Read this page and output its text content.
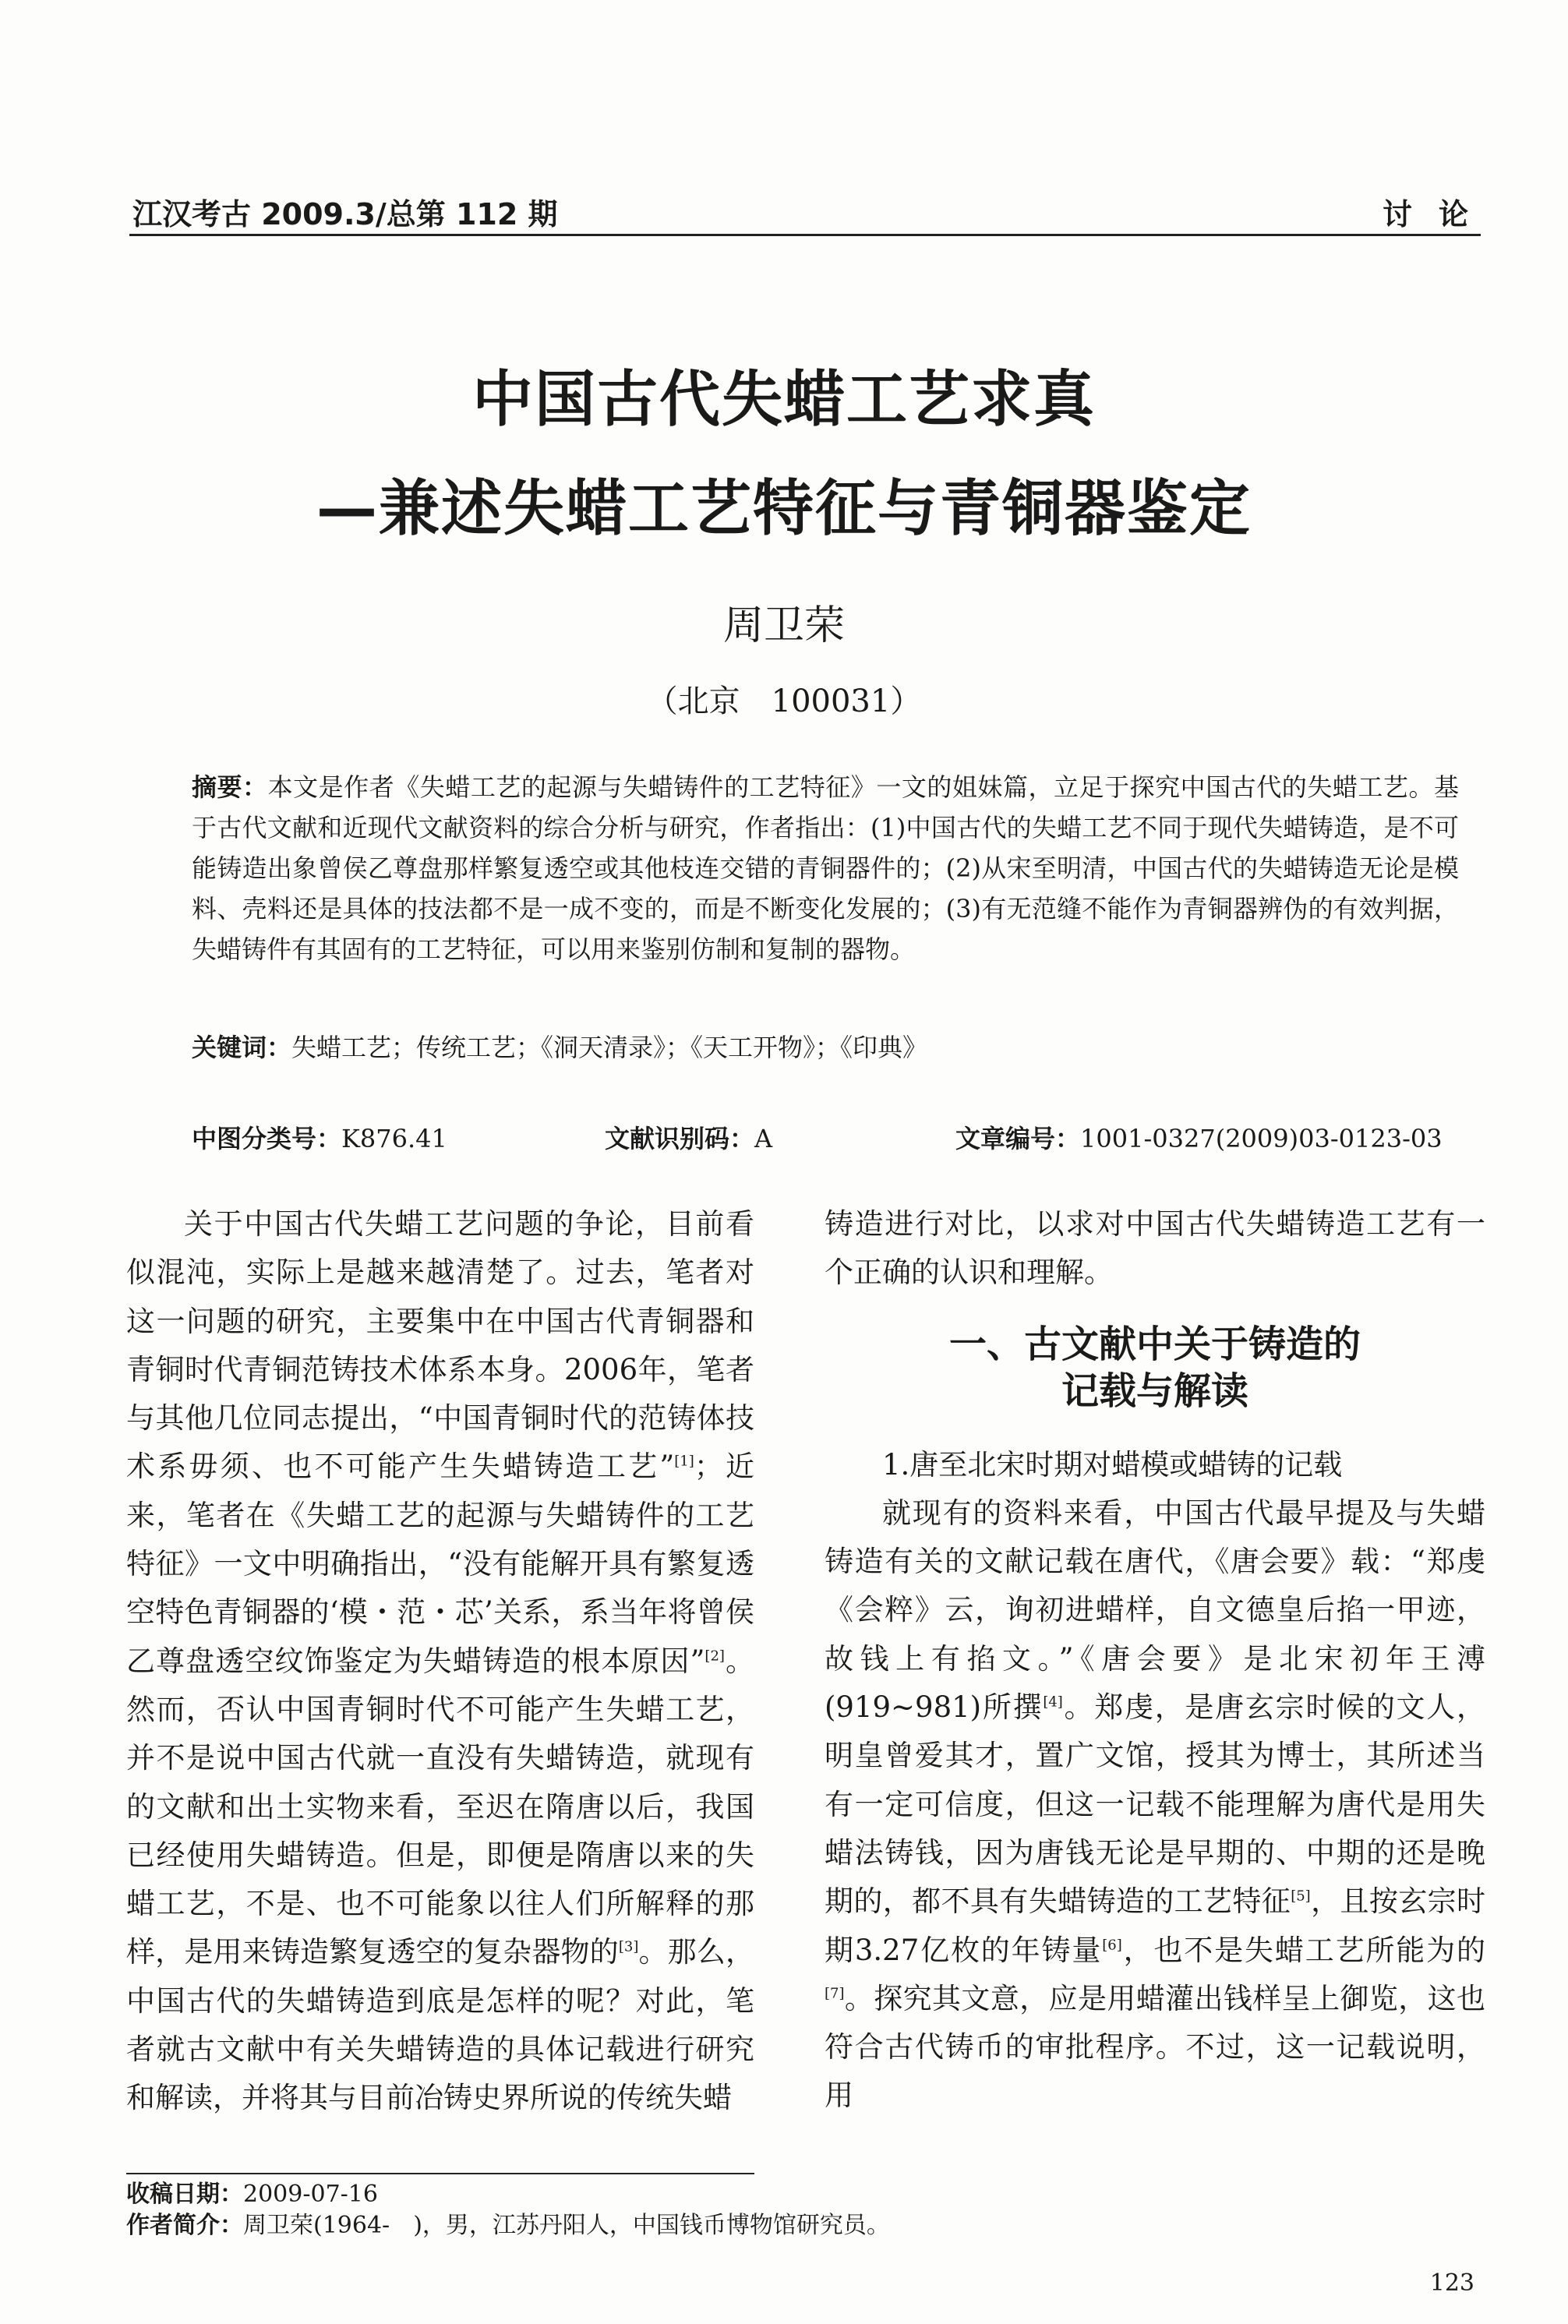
江汉考古 2009.3/总第 112 期	讨论
中国古代失蜡工艺求真
—兼述失蜡工艺特征与青铜器鉴定
周卫荣
（北京　100031）
摘要：本文是作者《失蜡工艺的起源与失蜡铸件的工艺特征》一文的姐妹篇，立足于探究中国古代的失蜡工艺。基于古代文献和近现代文献资料的综合分析与研究，作者指出：(1)中国古代的失蜡工艺不同于现代失蜡铸造，是不可能铸造出象曾侯乙尊盘那样繁复透空或其他枝连交错的青铜器件的；(2)从宋至明清，中国古代的失蜡铸造无论是模料、壳料还是具体的技法都不是一成不变的，而是不断变化发展的；(3)有无范缝不能作为青铜器辨伪的有效判据，失蜡铸件有其固有的工艺特征，可以用来鉴别仿制和复制的器物。
关键词：失蜡工艺；传统工艺；《洞天清录》；《天工开物》；《印典》
中图分类号：K876.41	文献识别码：A	文章编号：1001-0327(2009)03-0123-03

关于中国古代失蜡工艺问题的争论，目前看似混沌，实际上是越来越清楚了。过去，笔者对这一问题的研究，主要集中在中国古代青铜器和青铜时代青铜范铸技术体系本身。2006年，笔者与其他几位同志提出，“中国青铜时代的范铸体技术系毋须、也不可能产生失蜡铸造工艺”[1]；近来，笔者在《失蜡工艺的起源与失蜡铸件的工艺特征》一文中明确指出，“没有能解开具有繁复透空特色青铜器的‘模・范・芯’关系，系当年将曾侯乙尊盘透空纹饰鉴定为失蜡铸造的根本原因”[2]。然而，否认中国青铜时代不可能产生失蜡工艺，并不是说中国古代就一直没有失蜡铸造，就现有的文献和出土实物来看，至迟在隋唐以后，我国已经使用失蜡铸造。但是，即便是隋唐以来的失蜡工艺，不是、也不可能象以往人们所解释的那样，是用来铸造繁复透空的复杂器物的[3]。那么，中国古代的失蜡铸造到底是怎样的呢？对此，笔者就古文献中有关失蜡铸造的具体记载进行研究和解读，并将其与目前冶铸史界所说的传统失蜡

铸造进行对比，以求对中国古代失蜡铸造工艺有一个正确的认识和理解。

一、古文献中关于铸造的
记载与解读

1.唐至北宋时期对蜡模或蜡铸的记载

就现有的资料来看，中国古代最早提及与失蜡铸造有关的文献记载在唐代，《唐会要》载：“郑虔《会粹》云，询初进蜡样，自文德皇后掐一甲迹，故钱上有掐文。”《唐会要》是北宋初年王溥(919~981)所撰[4]。郑虔，是唐玄宗时候的文人，明皇曾爱其才，置广文馆，授其为博士，其所述当有一定可信度，但这一记载不能理解为唐代是用失蜡法铸钱，因为唐钱无论是早期的、中期的还是晚期的，都不具有失蜡铸造的工艺特征[5]，且按玄宗时期3.27亿枚的年铸量[6]，也不是失蜡工艺所能为的[7]。探究其文意，应是用蜡灌出钱样呈上御览，这也符合古代铸币的审批程序。不过，这一记载说明，用

收稿日期：2009-07-16
作者简介：周卫荣(1964-　)，男，江苏丹阳人，中国钱币博物馆研究员。
123
